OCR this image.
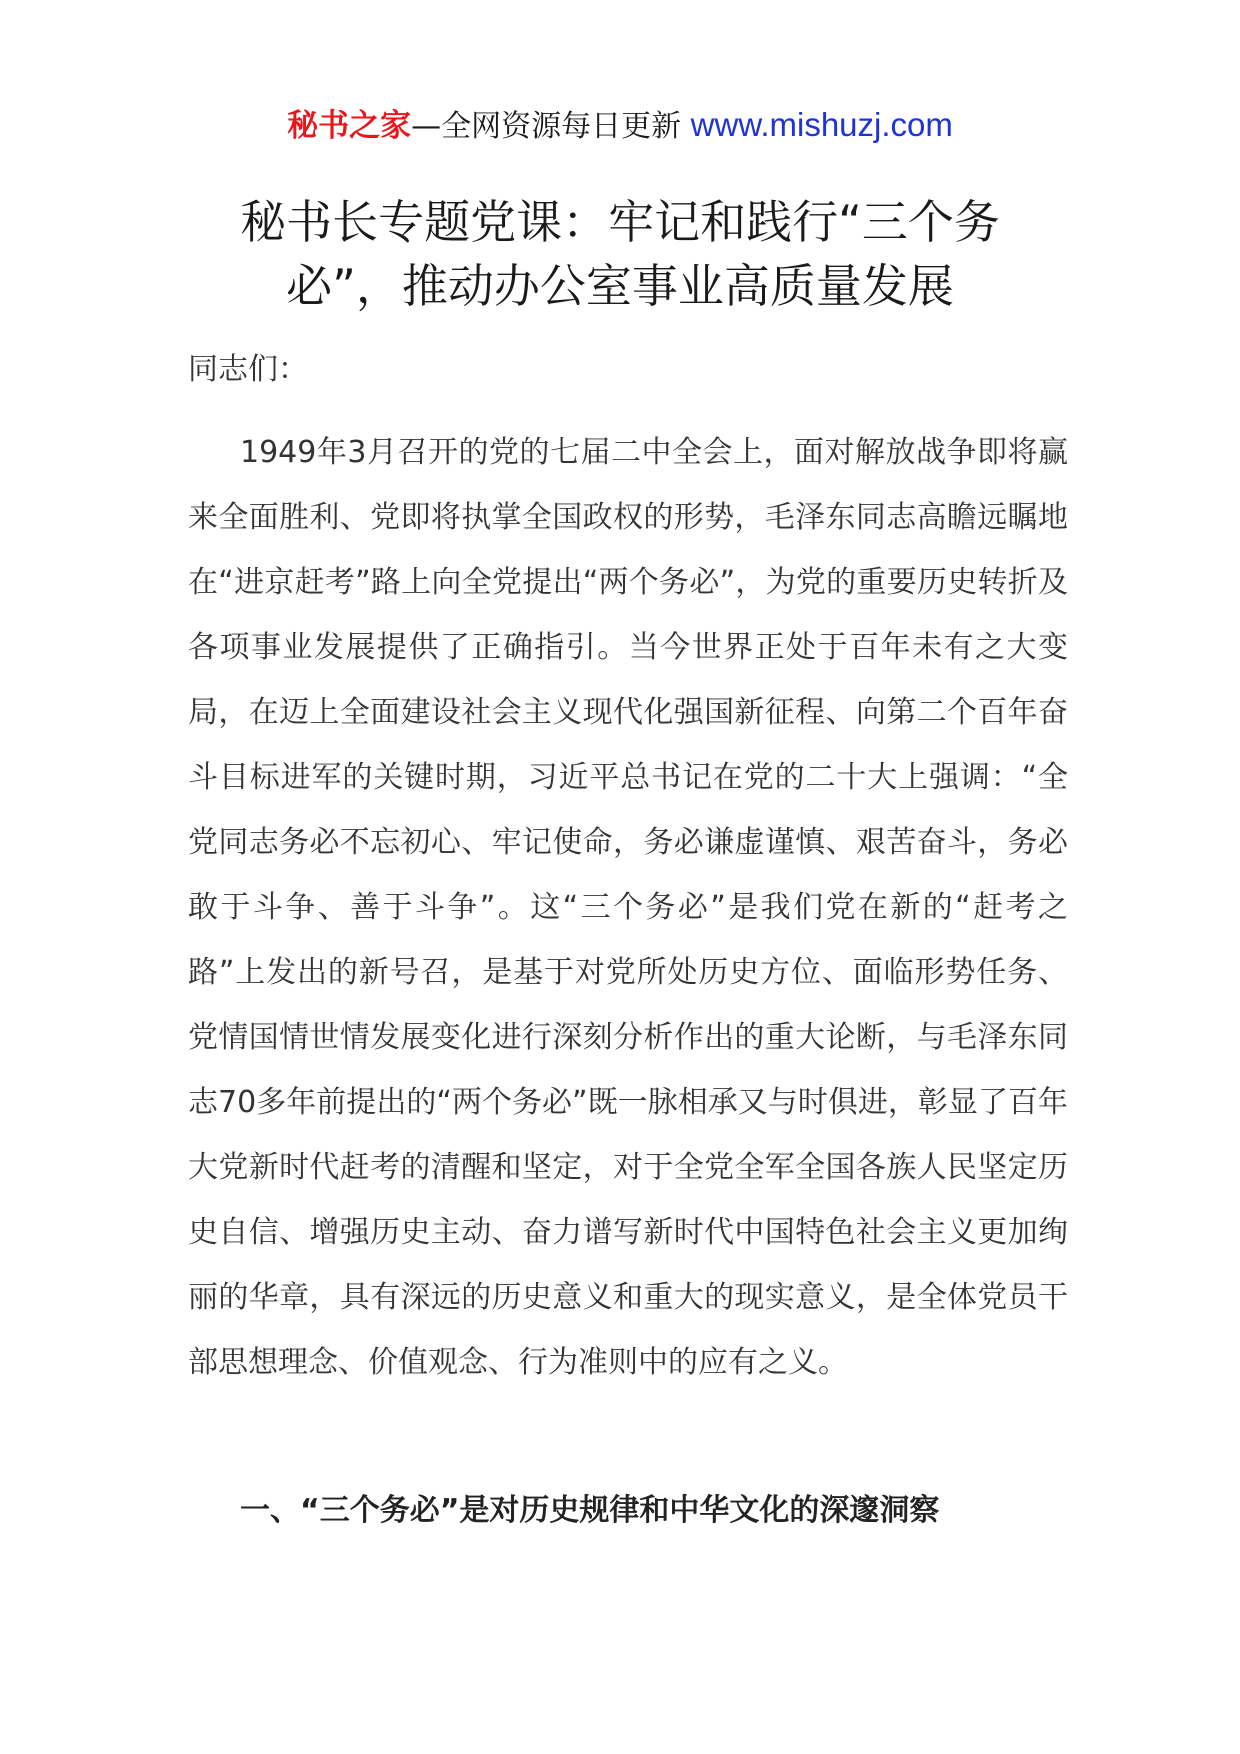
秘书之家—全网资源每日更新 www.mishuzj.com
秘书长专题党课：牢记和践行“三个务
必”，推动办公室事业高质量发展
同志们：

1949年3月召开的党的七届二中全会上，面对解放战争即将赢来全面胜利、党即将执掌全国政权的形势，毛泽东同志高瞻远瞩地在“进京赶考”路上向全党提出“两个务必”，为党的重要历史转折及各项事业发展提供了正确指引。当今世界正处于百年未有之大变局，在迈上全面建设社会主义现代化强国新征程、向第二个百年奋斗目标进军的关键时期，习近平总书记在党的二十大上强调：“全党同志务必不忘初心、牢记使命，务必谦虚谨慎、艰苦奋斗，务必敢于斗争、善于斗争”。这“三个务必”是我们党在新的“赶考之路”上发出的新号召，是基于对党所处历史方位、面临形势任务、党情国情世情发展变化进行深刻分析作出的重大论断，与毛泽东同志70多年前提出的“两个务必”既一脉相承又与时俱进，彰显了百年大党新时代赶考的清醒和坚定，对于全党全军全国各族人民坚定历史自信、增强历史主动、奋力谱写新时代中国特色社会主义更加绚丽的华章，具有深远的历史意义和重大的现实意义，是全体党员干部思想理念、价值观念、行为准则中的应有之义。

一、“三个务必”是对历史规律和中华文化的深邃洞察
